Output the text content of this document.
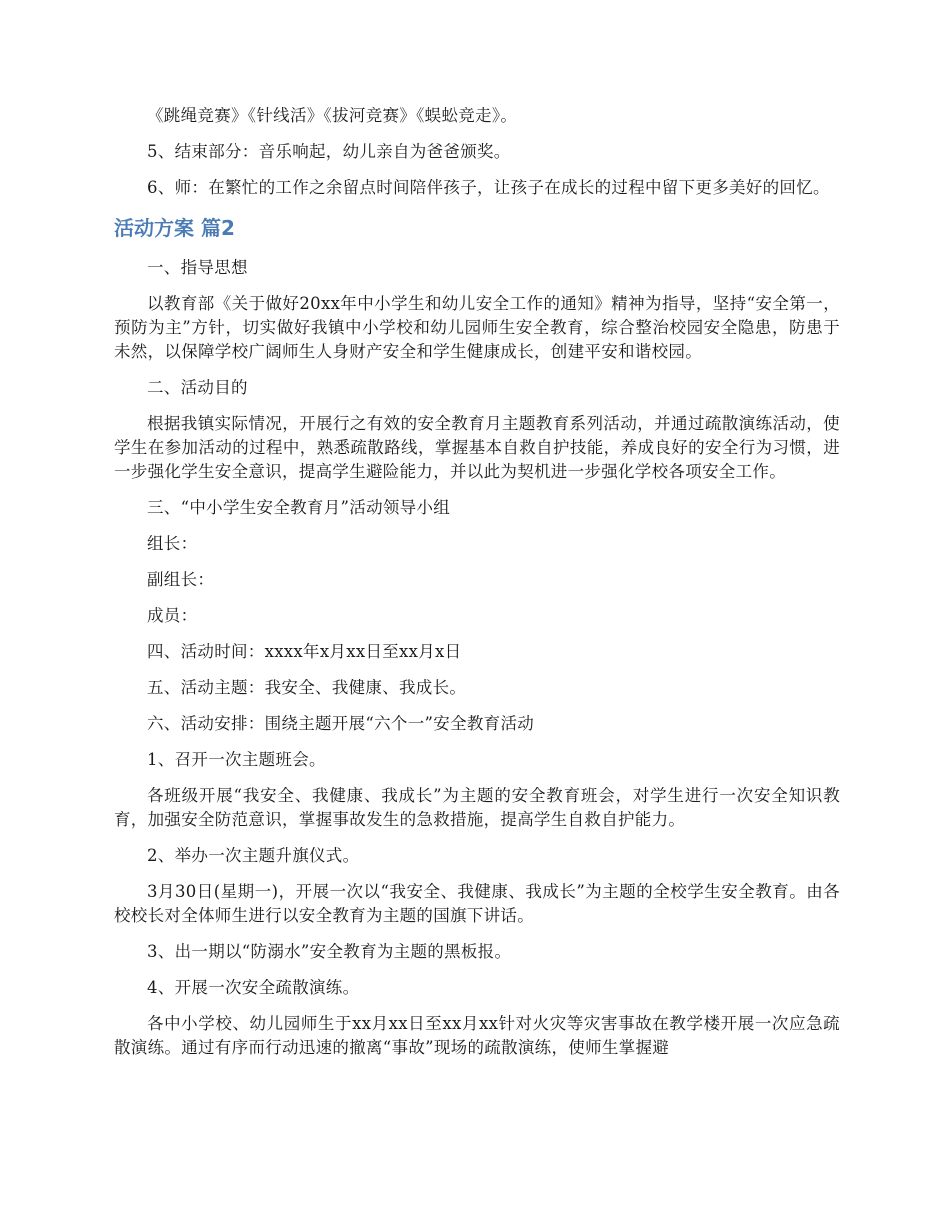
《跳绳竞赛》《针线活》《拔河竞赛》《蜈蚣竞走》。

5、结束部分：音乐响起，幼儿亲自为爸爸颁奖。

6、师：在繁忙的工作之余留点时间陪伴孩子，让孩子在成长的过程中留下更多美好的回忆。

活动方案 篇2

一、指导思想

以教育部《关于做好20xx年中小学生和幼儿安全工作的通知》精神为指导，坚持“安全第一，预防为主”方针，切实做好我镇中小学校和幼儿园师生安全教育，综合整治校园安全隐患，防患于未然，以保障学校广阔师生人身财产安全和学生健康成长，创建平安和谐校园。

二、活动目的

根据我镇实际情况，开展行之有效的安全教育月主题教育系列活动，并通过疏散演练活动，使学生在参加活动的过程中，熟悉疏散路线，掌握基本自救自护技能，养成良好的安全行为习惯，进一步强化学生安全意识，提高学生避险能力，并以此为契机进一步强化学校各项安全工作。

三、“中小学生安全教育月”活动领导小组

组长：

副组长：

成员：

四、活动时间：xxxx年x月xx日至xx月x日

五、活动主题：我安全、我健康、我成长。

六、活动安排：围绕主题开展“六个一”安全教育活动

1、召开一次主题班会。

各班级开展“我安全、我健康、我成长”为主题的安全教育班会，对学生进行一次安全知识教育，加强安全防范意识，掌握事故发生的急救措施，提高学生自救自护能力。

2、举办一次主题升旗仪式。

3月30日(星期一)，开展一次以“我安全、我健康、我成长”为主题的全校学生安全教育。由各校校长对全体师生进行以安全教育为主题的国旗下讲话。

3、出一期以“防溺水”安全教育为主题的黑板报。

4、开展一次安全疏散演练。

各中小学校、幼儿园师生于xx月xx日至xx月xx针对火灾等灾害事故在教学楼开展一次应急疏散演练。通过有序而行动迅速的撤离“事故”现场的疏散演练，使师生掌握避
